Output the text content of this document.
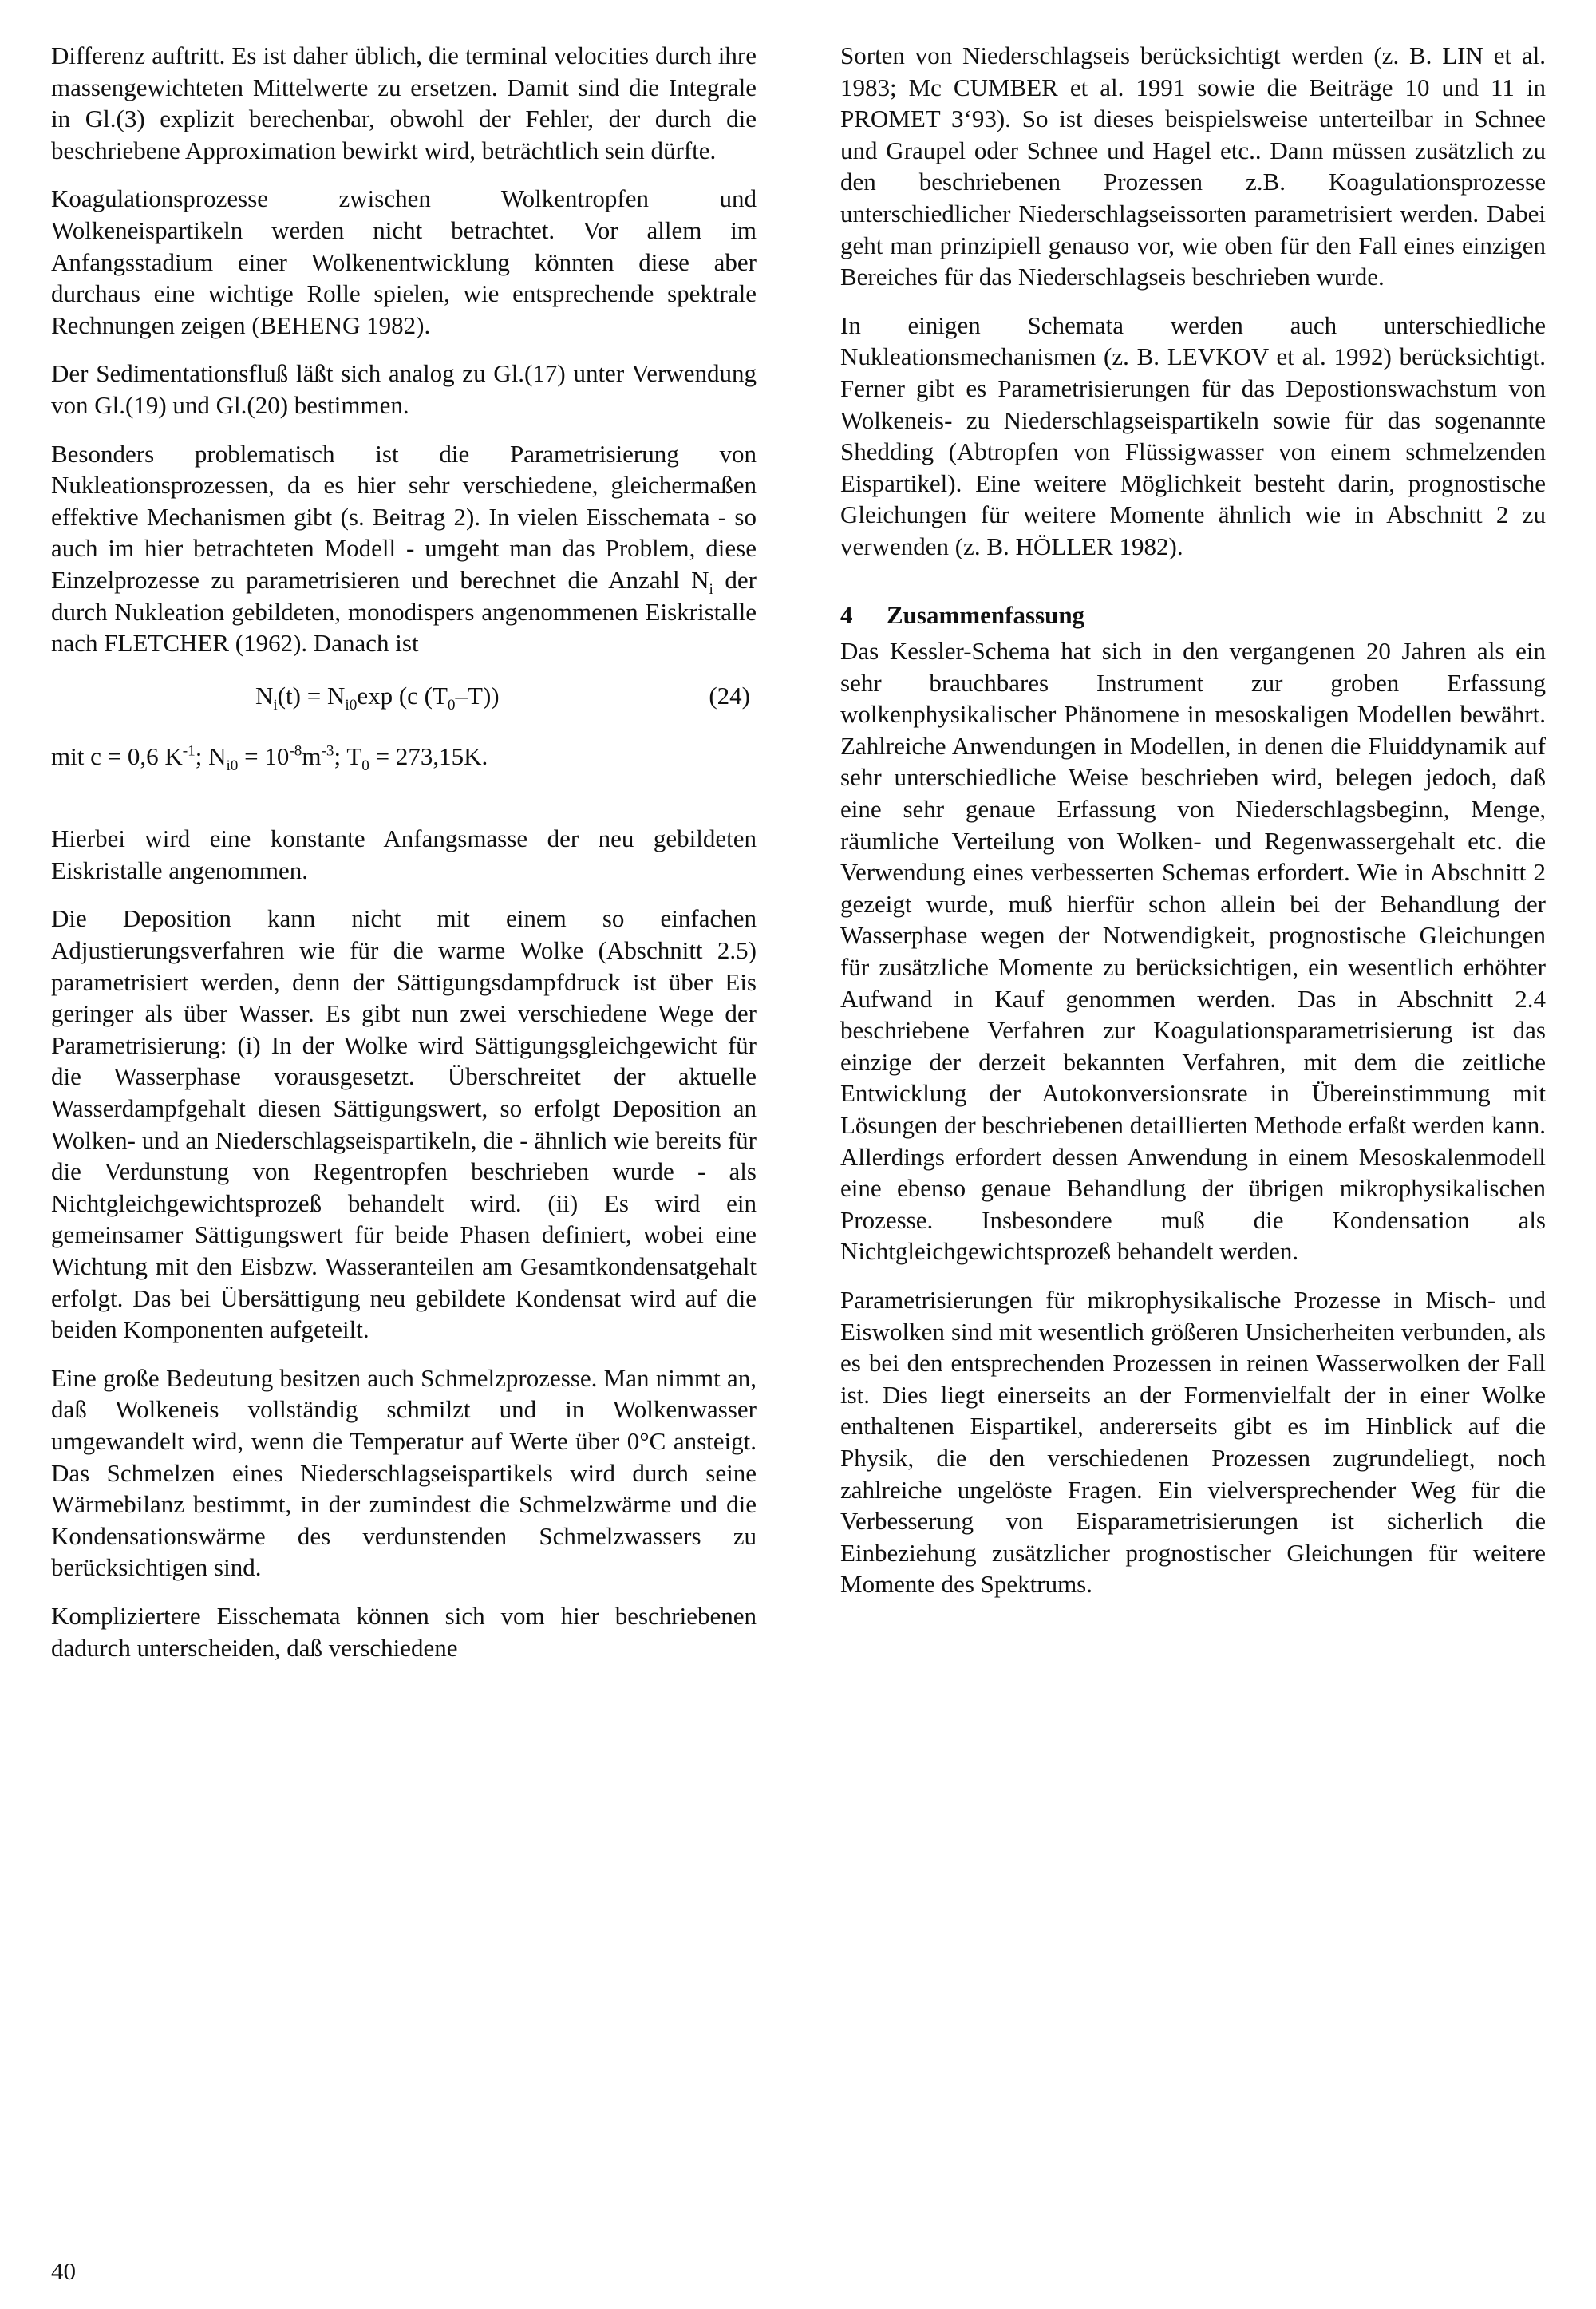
Differenz auftritt. Es ist daher üblich, die terminal velocities durch ihre massengewichteten Mittelwerte zu ersetzen. Damit sind die Integrale in Gl.(3) explizit berechenbar, obwohl der Fehler, der durch die beschriebene Approximation bewirkt wird, beträchtlich sein dürfte.

Koagulationsprozesse zwischen Wolkentropfen und Wolkeneispartikeln werden nicht betrachtet. Vor allem im Anfangsstadium einer Wolkenentwicklung könnten diese aber durchaus eine wichtige Rolle spielen, wie entsprechende spektrale Rechnungen zeigen (BEHENG 1982).

Der Sedimentationsfluß läßt sich analog zu Gl.(17) unter Verwendung von Gl.(19) und Gl.(20) bestimmen.

Besonders problematisch ist die Parametrisierung von Nukleationsprozessen, da es hier sehr verschiedene, gleichermaßen effektive Mechanismen gibt (s. Beitrag 2). In vielen Eisschemata - so auch im hier betrachteten Modell - umgeht man das Problem, diese Einzelprozesse zu parametrisieren und berechnet die Anzahl $N_i$ der durch Nukleation gebildeten, monodispers angenommenen Eiskristalle nach FLETCHER (1962). Danach ist

$N_i(t) = N_{i0}\exp$ (c $(T_0-T)$)	(24)
mit c = 0,6 $K^{-1}$; $N_{i0} = 10^{-8}m^{-3}$; $T_0 = 273,15K$.

Hierbei wird eine konstante Anfangsmasse der neu gebildeten Eiskristalle angenommen.

Die Deposition kann nicht mit einem so einfachen Adjustierungsverfahren wie für die warme Wolke (Abschnitt 2.5) parametrisiert werden, denn der Sättigungsdampfdruck ist über Eis geringer als über Wasser. Es gibt nun zwei verschiedene Wege der Parametrisierung: (i) In der Wolke wird Sättigungsgleichgewicht für die Wasserphase vorausgesetzt. Überschreitet der aktuelle Wasserdampfgehalt diesen Sättigungswert, so erfolgt Deposition an Wolken- und an Niederschlagseispartikeln, die - ähnlich wie bereits für die Verdunstung von Regentropfen beschrieben wurde - als Nichtgleichgewichtsprozeß behandelt wird. (ii) Es wird ein gemeinsamer Sättigungswert für beide Phasen definiert, wobei eine Wichtung mit den Eisbzw. Wasseranteilen am Gesamtkondensatgehalt erfolgt. Das bei Übersättigung neu gebildete Kondensat wird auf die beiden Komponenten aufgeteilt.

Eine große Bedeutung besitzen auch Schmelzprozesse. Man nimmt an, daß Wolkeneis vollständig schmilzt und in Wolkenwasser umgewandelt wird, wenn die Temperatur auf Werte über 0°C ansteigt. Das Schmelzen eines Niederschlagseispartikels wird durch seine Wärmebilanz bestimmt, in der zumindest die Schmelzwärme und die Kondensationswärme des verdunstenden Schmelzwassers zu berücksichtigen sind.

Kompliziertere Eisschemata können sich vom hier beschriebenen dadurch unterscheiden, daß verschiedene

Sorten von Niederschlagseis berücksichtigt werden (z. B. LIN et al. 1983; Mc CUMBER et al. 1991 sowie die Beiträge 10 und 11 in PROMET 3‘93). So ist dieses beispielsweise unterteilbar in Schnee und Graupel oder Schnee und Hagel etc.. Dann müssen zusätzlich zu den beschriebenen Prozessen z.B. Koagulationsprozesse unterschiedlicher Niederschlagseissorten parametrisiert werden. Dabei geht man prinzipiell genauso vor, wie oben für den Fall eines einzigen Bereiches für das Niederschlagseis beschrieben wurde.

In einigen Schemata werden auch unterschiedliche Nukleationsmechanismen (z. B. LEVKOV et al. 1992) berücksichtigt. Ferner gibt es Parametrisierungen für das Depostionswachstum von Wolkeneis- zu Niederschlagseispartikeln sowie für das sogenannte Shedding (Abtropfen von Flüssigwasser von einem schmelzenden Eispartikel). Eine weitere Möglichkeit besteht darin, prognostische Gleichungen für weitere Momente ähnlich wie in Abschnitt 2 zu verwenden (z. B. HÖLLER 1982).

4 Zusammenfassung

Das Kessler-Schema hat sich in den vergangenen 20 Jahren als ein sehr brauchbares Instrument zur groben Erfassung wolkenphysikalischer Phänomene in mesoskaligen Modellen bewährt. Zahlreiche Anwendungen in Modellen, in denen die Fluiddynamik auf sehr unterschiedliche Weise beschrieben wird, belegen jedoch, daß eine sehr genaue Erfassung von Niederschlagsbeginn, Menge, räumliche Verteilung von Wolken- und Regenwassergehalt etc. die Verwendung eines verbesserten Schemas erfordert. Wie in Abschnitt 2 gezeigt wurde, muß hierfür schon allein bei der Behandlung der Wasserphase wegen der Notwendigkeit, prognostische Gleichungen für zusätzliche Momente zu berücksichtigen, ein wesentlich erhöhter Aufwand in Kauf genommen werden. Das in Abschnitt 2.4 beschriebene Verfahren zur Koagulationsparametrisierung ist das einzige der derzeit bekannten Verfahren, mit dem die zeitliche Entwicklung der Autokonversionsrate in Übereinstimmung mit Lösungen der beschriebenen detaillierten Methode erfaßt werden kann. Allerdings erfordert dessen Anwendung in einem Mesoskalenmodell eine ebenso genaue Behandlung der übrigen mikrophysikalischen Prozesse. Insbesondere muß die Kondensation als Nichtgleichgewichtsprozeß behandelt werden.

Parametrisierungen für mikrophysikalische Prozesse in Misch- und Eiswolken sind mit wesentlich größeren Unsicherheiten verbunden, als es bei den entsprechenden Prozessen in reinen Wasserwolken der Fall ist. Dies liegt einerseits an der Formenvielfalt der in einer Wolke enthaltenen Eispartikel, andererseits gibt es im Hinblick auf die Physik, die den verschiedenen Prozessen zugrundeliegt, noch zahlreiche ungelöste Fragen. Ein vielversprechender Weg für die Verbesserung von Eisparametrisierungen ist sicherlich die Einbeziehung zusätzlicher prognostischer Gleichungen für weitere Momente des Spektrums.

40
